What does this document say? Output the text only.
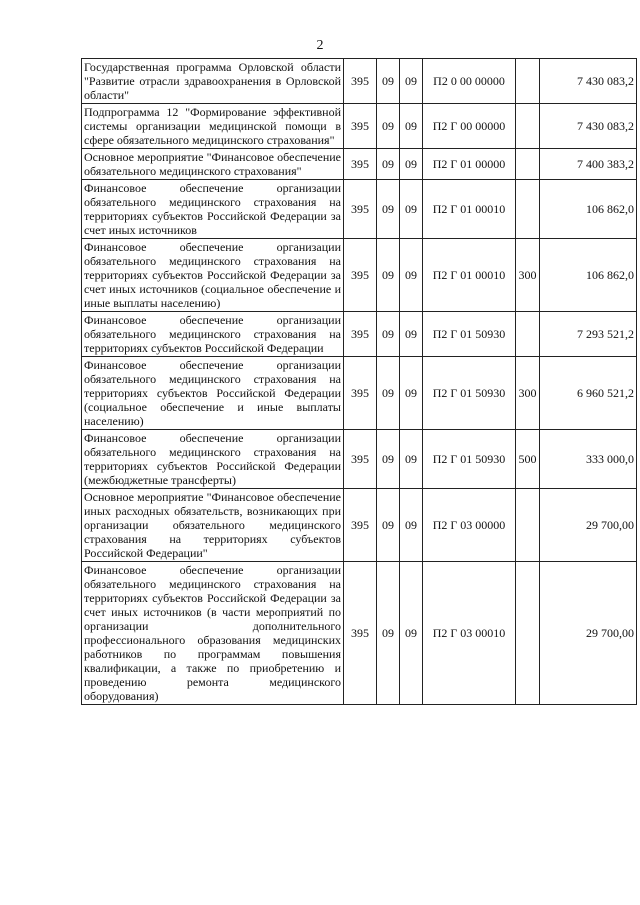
2
Государственная программа Орловской области "Развитие отрасли здравоохранения в Орловской области"	395	09	09	П2 0 00 00000		7 430 083,2
Подпрограмма 12 "Формирование эффективной системы организации медицинской помощи в сфере обязательного медицинского страхования"	395	09	09	П2 Г 00 00000		7 430 083,2
Основное мероприятие "Финансовое обеспечение обязательного медицинского страхования"	395	09	09	П2 Г 01 00000		7 400 383,2
Финансовое обеспечение организации обязательного медицинского страхования на территориях субъектов Российской Федерации за счет иных источников	395	09	09	П2 Г 01 00010		106 862,0
Финансовое обеспечение организации обязательного медицинского страхования на территориях субъектов Российской Федерации за счет иных источников (социальное обеспечение и иные выплаты населению)	395	09	09	П2 Г 01 00010	300	106 862,0
Финансовое обеспечение организации обязательного медицинского страхования на территориях субъектов Российской Федерации	395	09	09	П2 Г 01 50930		7 293 521,2
Финансовое обеспечение организации обязательного медицинского страхования на территориях субъектов Российской Федерации (социальное обеспечение и иные выплаты населению)	395	09	09	П2 Г 01 50930	300	6 960 521,2
Финансовое обеспечение организации обязательного медицинского страхования на территориях субъектов Российской Федерации (межбюджетные трансферты)	395	09	09	П2 Г 01 50930	500	333 000,0
Основное мероприятие "Финансовое обеспечение иных расходных обязательств, возникающих при организации обязательного медицинского страхования на территориях субъектов Российской Федерации"	395	09	09	П2 Г 03 00000		29 700,00
Финансовое обеспечение организации обязательного медицинского страхования на территориях субъектов Российской Федерации за счет иных источников (в части мероприятий по организации дополнительного профессионального образования медицинских работников по программам повышения квалификации, а также по приобретению и проведению ремонта медицинского оборудования)	395	09	09	П2 Г 03 00010		29 700,00
